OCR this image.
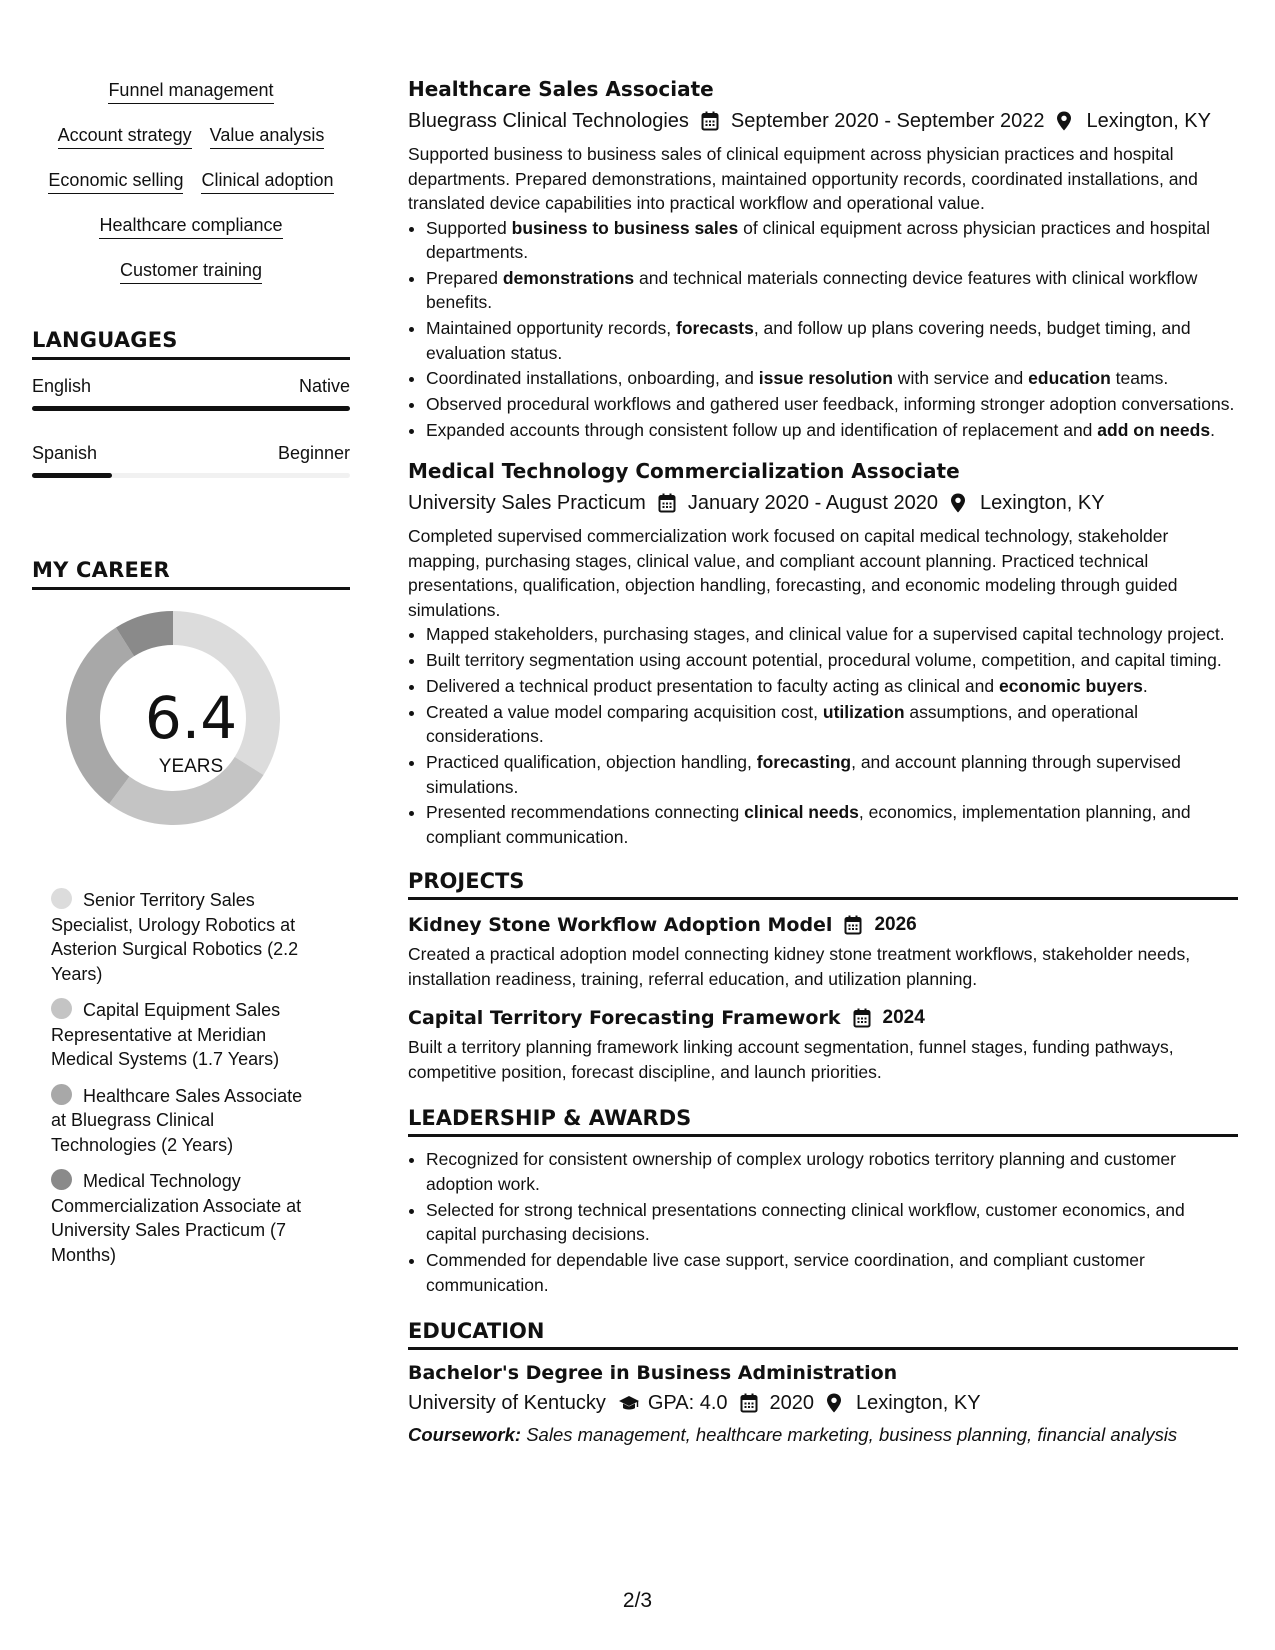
Funnel management
Account strategy Value analysis
Economic selling Clinical adoption
Healthcare compliance
Customer training
LANGUAGES
English	Native
Spanish	Beginner
MY CAREER
6.4
YEARS
Senior Territory Sales Specialist, Urology Robotics at Asterion Surgical Robotics (2.2 Years)
Capital Equipment Sales Representative at Meridian Medical Systems (1.7 Years)
Healthcare Sales Associate at Bluegrass Clinical Technologies (2 Years)
Medical Technology Commercialization Associate at University Sales Practicum (7 Months)
Healthcare Sales Associate
Bluegrass Clinical Technologies September 2020 - September 2022 Lexington, KY
Supported business to business sales of clinical equipment across physician practices and hospital departments. Prepared demonstrations, maintained opportunity records, coordinated installations, and translated device capabilities into practical workflow and operational value.
• Supported business to business sales of clinical equipment across physician practices and hospital departments.
• Prepared demonstrations and technical materials connecting device features with clinical workflow benefits.
• Maintained opportunity records, forecasts, and follow up plans covering needs, budget timing, and evaluation status.
• Coordinated installations, onboarding, and issue resolution with service and education teams.
• Observed procedural workflows and gathered user feedback, informing stronger adoption conversations.
• Expanded accounts through consistent follow up and identification of replacement and add on needs.
Medical Technology Commercialization Associate
University Sales Practicum January 2020 - August 2020 Lexington, KY
Completed supervised commercialization work focused on capital medical technology, stakeholder mapping, purchasing stages, clinical value, and compliant account planning. Practiced technical presentations, qualification, objection handling, forecasting, and economic modeling through guided simulations.
• Mapped stakeholders, purchasing stages, and clinical value for a supervised capital technology project.
• Built territory segmentation using account potential, procedural volume, competition, and capital timing.
• Delivered a technical product presentation to faculty acting as clinical and economic buyers.
• Created a value model comparing acquisition cost, utilization assumptions, and operational considerations.
• Practiced qualification, objection handling, forecasting, and account planning through supervised simulations.
• Presented recommendations connecting clinical needs, economics, implementation planning, and compliant communication.
PROJECTS
Kidney Stone Workflow Adoption Model 2026
Created a practical adoption model connecting kidney stone treatment workflows, stakeholder needs, installation readiness, training, referral education, and utilization planning.
Capital Territory Forecasting Framework 2024
Built a territory planning framework linking account segmentation, funnel stages, funding pathways, competitive position, forecast discipline, and launch priorities.
LEADERSHIP & AWARDS
• Recognized for consistent ownership of complex urology robotics territory planning and customer adoption work.
• Selected for strong technical presentations connecting clinical workflow, customer economics, and capital purchasing decisions.
• Commended for dependable live case support, service coordination, and compliant customer communication.
EDUCATION
Bachelor's Degree in Business Administration
University of Kentucky GPA: 4.0 2020 Lexington, KY
Coursework: Sales management, healthcare marketing, business planning, financial analysis
2/3
